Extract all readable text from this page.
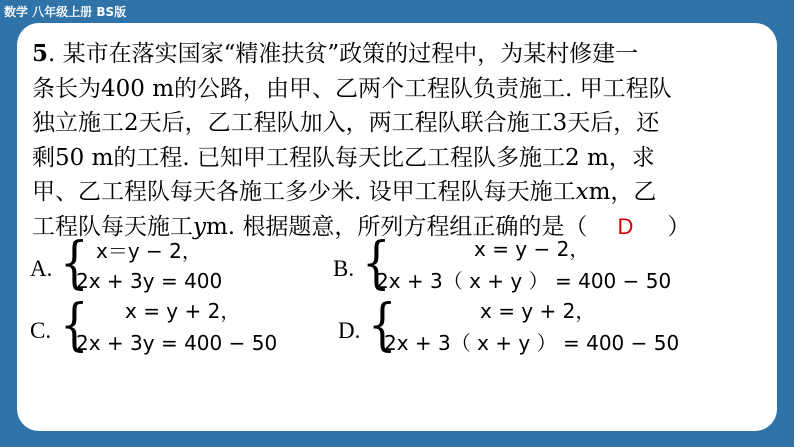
数学 八年级上册 BS版

5. 某市在落实国家“精准扶贫”政策的过程中，为某村修建一

条长为400 m的公路，由甲、乙两个工程队负责施工. 甲工程队

独立施工2天后，乙工程队加入，两工程队联合施工3天后，还

剩50 m的工程. 已知甲工程队每天比乙工程队多施工2 m，求

甲、乙工程队每天各施工多少米. 设甲工程队每天施工xm，乙

工程队每天施工ym. 根据题意，所列方程组正确的是（ D ）

A. { x＝y − 2，
2x + 3y = 400	B. {	x = y − 2，
2x + 3（ x + y ） = 400 − 50
C. { x = y + 2，
2x + 3y = 400 − 50	D. {	x = y + 2，
2x + 3（ x + y ） = 400 − 50
